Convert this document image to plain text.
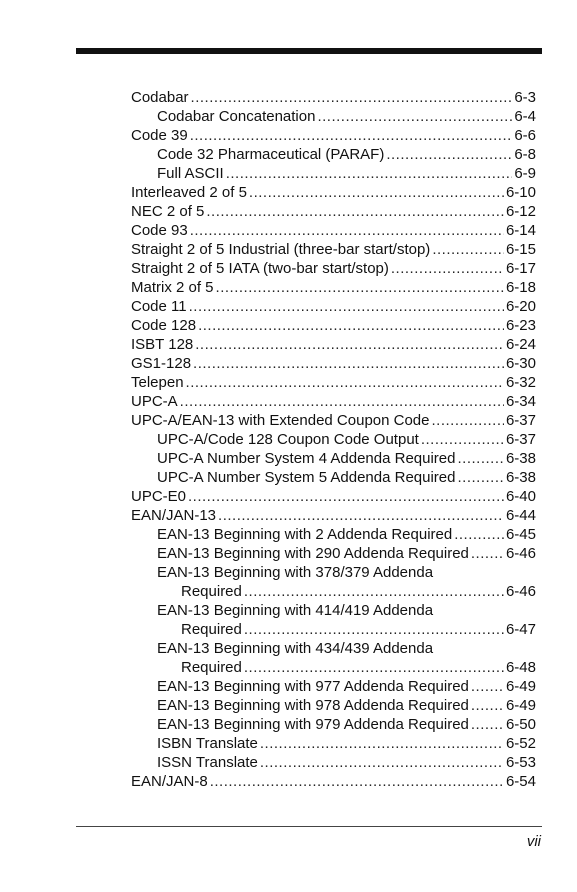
Codabar .....	6-3
Codabar Concatenation .....	6-4
Code 39 .....	6-6
Code 32 Pharmaceutical (PARAF) .....	6-8
Full ASCII .....	6-9
Interleaved 2 of 5 .....	6-10
NEC 2 of 5 .....	6-12
Code 93 .....	6-14
Straight 2 of 5 Industrial (three-bar start/stop) .....	6-15
Straight 2 of 5 IATA (two-bar start/stop) .....	6-17
Matrix 2 of 5 .....	6-18
Code 11 .....	6-20
Code 128 .....	6-23
ISBT 128 .....	6-24
GS1-128 .....	6-30
Telepen .....	6-32
UPC-A .....	6-34
UPC-A/EAN-13 with Extended Coupon Code .....	6-37
UPC-A/Code 128 Coupon Code Output .....	6-37
UPC-A Number System 4 Addenda Required .....	6-38
UPC-A Number System 5 Addenda Required .....	6-38
UPC-E0 .....	6-40
EAN/JAN-13 .....	6-44
EAN-13 Beginning with 2 Addenda Required .....	6-45
EAN-13 Beginning with 290 Addenda Required ..... 6-46
EAN-13 Beginning with 378/379 Addenda
Required .....	6-46
EAN-13 Beginning with 414/419 Addenda
Required .....	6-47
EAN-13 Beginning with 434/439 Addenda
Required .....	6-48
EAN-13 Beginning with 977 Addenda Required ..... 6-49
EAN-13 Beginning with 978 Addenda Required ..... 6-49
EAN-13 Beginning with 979 Addenda Required ..... 6-50
ISBN Translate .....	6-52
ISSN Translate .....	6-53
EAN/JAN-8 .....	6-54
vii
